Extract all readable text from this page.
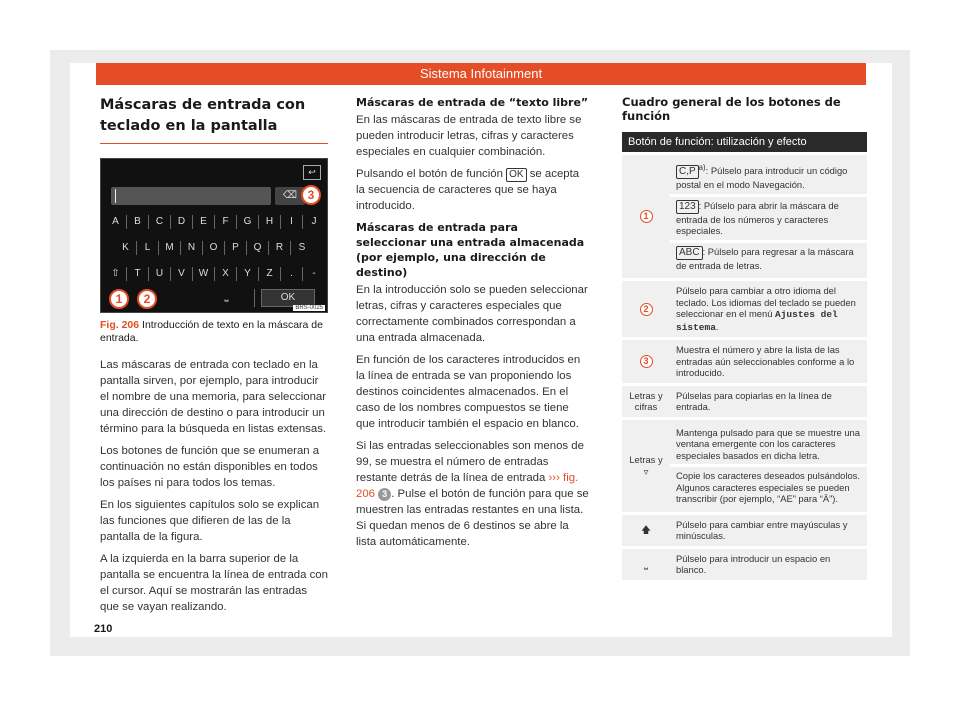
Sistema Infotainment
Máscaras de entrada con teclado en la pantalla
↩
⌫ 3
A	B	C	D	E	F	G	H	I	J
K	L	M	N	O	P	Q	R	S
⇧	T	U	V	W	X	Y	Z	.	-
1	2	⎵	OK
BRS-0025
Fig. 206 Introducción de texto en la máscara de entrada.

Las máscaras de entrada con teclado en la pantalla sirven, por ejemplo, para introducir el nombre de una memoria, para seleccionar una dirección de destino o para introducir un término para la búsqueda en listas extensas.

Los botones de función que se enumeran a continuación no están disponibles en todos los países ni para todos los temas.

En los siguientes capítulos solo se explican las funciones que difieren de las de la pantalla de la figura.

A la izquierda en la barra superior de la pantalla se encuentra la línea de entrada con el cursor. Aquí se mostrarán las entradas que se vayan realizando.

Máscaras de entrada de “texto libre”

En las máscaras de entrada de texto libre se pueden introducir letras, cifras y caracteres especiales en cualquier combinación.

Pulsando el botón de función OK se acepta la secuencia de caracteres que se haya introducido.

Máscaras de entrada para seleccionar una entrada almacenada (por ejemplo, una dirección de destino)

En la introducción solo se pueden seleccionar letras, cifras y caracteres especiales que correctamente combinados correspondan a una entrada almacenada.

En función de los caracteres introducidos en la línea de entrada se van proponiendo los destinos coincidentes almacenados. En el caso de los nombres compuestos se tiene que introducir también el espacio en blanco.

Si las entradas seleccionables son menos de 99, se muestra el número de entradas restante detrás de la línea de entrada ››› fig. 206 3 . Pulse el botón de función para que se muestren las entradas restantes en una lista. Si quedan menos de 6 destinos se abre la lista automáticamente.

Cuadro general de los botones de función
Botón de función: utilización y efecto	
1	C,P $^{a)}$: Púlselo para introducir un código postal en el modo Navegación.
123 : Púlselo para abrir la máscara de entrada de los números y caracteres especiales.
ABC : Púlselo para regresar a la máscara de entrada de letras.

2	Púlselo para cambiar a otro idioma del teclado. Los idiomas del teclado se pueden seleccionar en el menú Ajustes del sistema.
3	Muestra el número y abre la lista de las entradas aún seleccionables conforme a lo introducido.
Letras y cifras	Púlselas para copiarlas en la línea de entrada.
Letras y
▿	Mantenga pulsado para que se muestre una ventana emergente con los caracteres especiales basados en dicha letra.
Copie los caracteres deseados pulsándolos. Algunos caracteres especiales se pueden transcribir (por ejemplo, “AE” para “Ä”).

🡅	Púlselo para cambiar entre mayúsculas y minúsculas.
⎵	Púlselo para introducir un espacio en blanco.
210
